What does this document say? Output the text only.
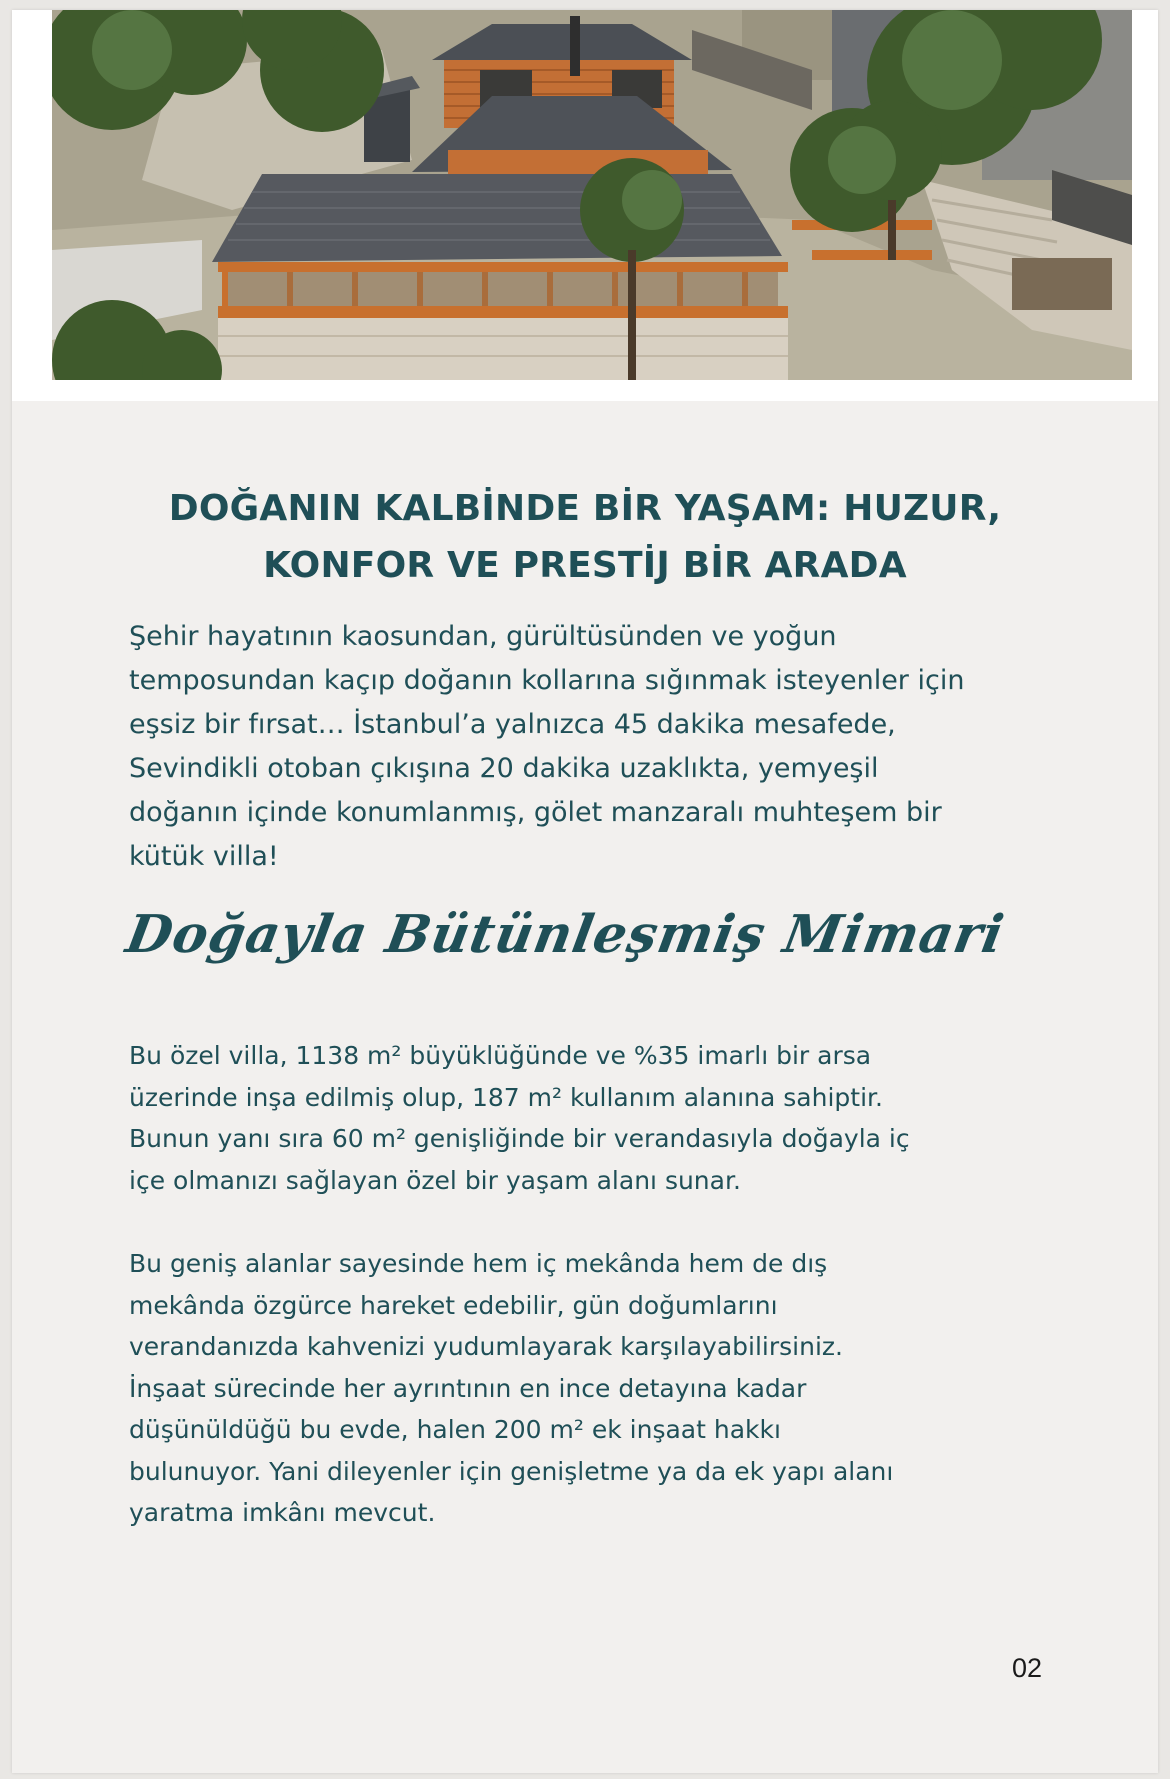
DOĞANIN KALBİNDE BİR YAŞAM: HUZUR,
KONFOR VE PRESTİJ BİR ARADA

Şehir hayatının kaosundan, gürültüsünden ve yoğun
temposundan kaçıp doğanın kollarına sığınmak isteyenler için
eşsiz bir fırsat… İstanbul’a yalnızca 45 dakika mesafede,
Sevindikli otoban çıkışına 20 dakika uzaklıkta, yemyeşil
doğanın içinde konumlanmış, gölet manzaralı muhteşem bir
kütük villa!

Doğayla Bütünleşmiş Mimari

Bu özel villa, 1138 m² büyüklüğünde ve %35 imarlı bir arsa
üzerinde inşa edilmiş olup, 187 m² kullanım alanına sahiptir.
Bunun yanı sıra 60 m² genişliğinde bir verandasıyla doğayla iç
içe olmanızı sağlayan özel bir yaşam alanı sunar.

Bu geniş alanlar sayesinde hem iç mekânda hem de dış
mekânda özgürce hareket edebilir, gün doğumlarını
verandanızda kahvenizi yudumlayarak karşılayabilirsiniz.
İnşaat sürecinde her ayrıntının en ince detayına kadar
düşünüldüğü bu evde, halen 200 m² ek inşaat hakkı
bulunuyor. Yani dileyenler için genişletme ya da ek yapı alanı
yaratma imkânı mevcut.

02
